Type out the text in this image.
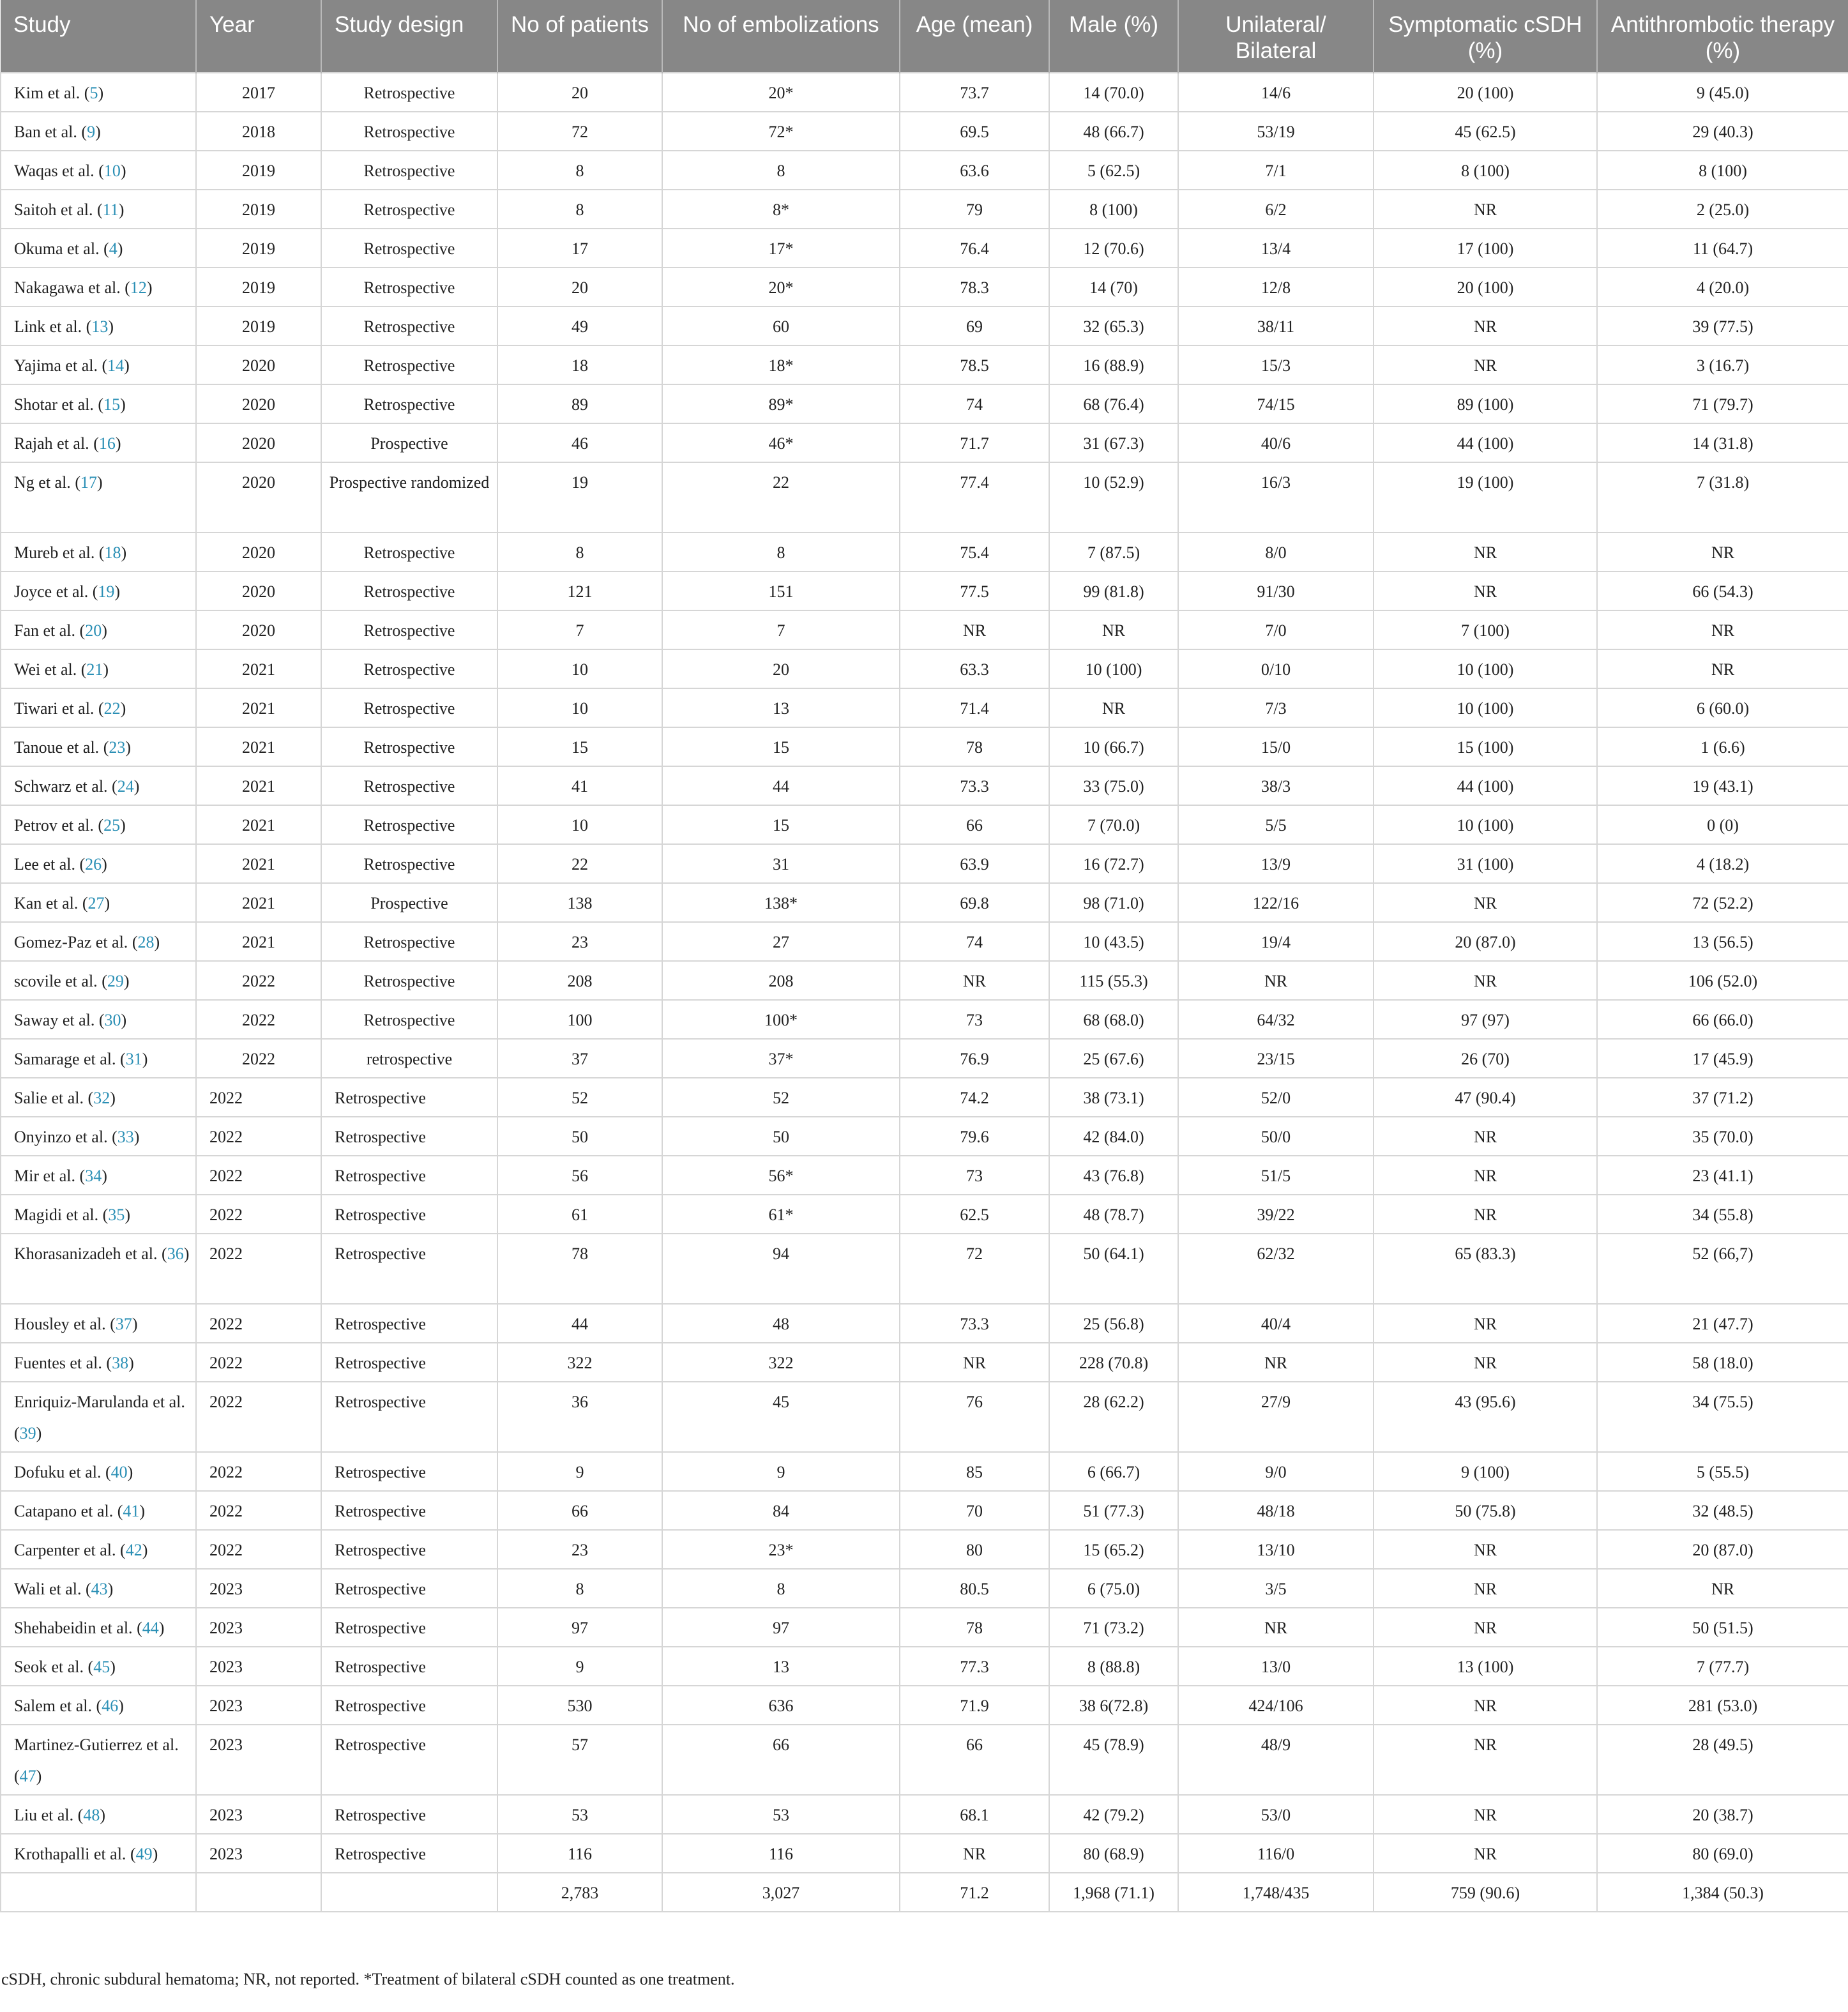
Study	Year	Study design	No of patients	No of embolizations	Age (mean)	Male (%)	Unilateral/ Bilateral	Symptomatic cSDH (%)	Antithrombotic therapy (%)
Kim et al. (5)	2017	Retrospective	20	20*	73.7	14 (70.0)	14/6	20 (100)	9 (45.0)
Ban et al. (9)	2018	Retrospective	72	72*	69.5	48 (66.7)	53/19	45 (62.5)	29 (40.3)
Waqas et al. (10)	2019	Retrospective	8	8	63.6	5 (62.5)	7/1	8 (100)	8 (100)
Saitoh et al. (11)	2019	Retrospective	8	8*	79	8 (100)	6/2	NR	2 (25.0)
Okuma et al. (4)	2019	Retrospective	17	17*	76.4	12 (70.6)	13/4	17 (100)	11 (64.7)
Nakagawa et al. (12)	2019	Retrospective	20	20*	78.3	14 (70)	12/8	20 (100)	4 (20.0)
Link et al. (13)	2019	Retrospective	49	60	69	32 (65.3)	38/11	NR	39 (77.5)
Yajima et al. (14)	2020	Retrospective	18	18*	78.5	16 (88.9)	15/3	NR	3 (16.7)
Shotar et al. (15)	2020	Retrospective	89	89*	74	68 (76.4)	74/15	89 (100)	71 (79.7)
Rajah et al. (16)	2020	Prospective	46	46*	71.7	31 (67.3)	40/6	44 (100)	14 (31.8)
Ng et al. (17)	2020	Prospective randomized	19	22	77.4	10 (52.9)	16/3	19 (100)	7 (31.8)
Mureb et al. (18)	2020	Retrospective	8	8	75.4	7 (87.5)	8/0	NR	NR
Joyce et al. (19)	2020	Retrospective	121	151	77.5	99 (81.8)	91/30	NR	66 (54.3)
Fan et al. (20)	2020	Retrospective	7	7	NR	NR	7/0	7 (100)	NR
Wei et al. (21)	2021	Retrospective	10	20	63.3	10 (100)	0/10	10 (100)	NR
Tiwari et al. (22)	2021	Retrospective	10	13	71.4	NR	7/3	10 (100)	6 (60.0)
Tanoue et al. (23)	2021	Retrospective	15	15	78	10 (66.7)	15/0	15 (100)	1 (6.6)
Schwarz et al. (24)	2021	Retrospective	41	44	73.3	33 (75.0)	38/3	44 (100)	19 (43.1)
Petrov et al. (25)	2021	Retrospective	10	15	66	7 (70.0)	5/5	10 (100)	0 (0)
Lee et al. (26)	2021	Retrospective	22	31	63.9	16 (72.7)	13/9	31 (100)	4 (18.2)
Kan et al. (27)	2021	Prospective	138	138*	69.8	98 (71.0)	122/16	NR	72 (52.2)
Gomez-Paz et al. (28)	2021	Retrospective	23	27	74	10 (43.5)	19/4	20 (87.0)	13 (56.5)
scovile et al. (29)	2022	Retrospective	208	208	NR	115 (55.3)	NR	NR	106 (52.0)
Saway et al. (30)	2022	Retrospective	100	100*	73	68 (68.0)	64/32	97 (97)	66 (66.0)
Samarage et al. (31)	2022	retrospective	37	37*	76.9	25 (67.6)	23/15	26 (70)	17 (45.9)
Salie et al. (32)	2022	Retrospective	52	52	74.2	38 (73.1)	52/0	47 (90.4)	37 (71.2)
Onyinzo et al. (33)	2022	Retrospective	50	50	79.6	42 (84.0)	50/0	NR	35 (70.0)
Mir et al. (34)	2022	Retrospective	56	56*	73	43 (76.8)	51/5	NR	23 (41.1)
Magidi et al. (35)	2022	Retrospective	61	61*	62.5	48 (78.7)	39/22	NR	34 (55.8)
Khorasanizadeh et al. (36)	2022	Retrospective	78	94	72	50 (64.1)	62/32	65 (83.3)	52 (66,7)
Housley et al. (37)	2022	Retrospective	44	48	73.3	25 (56.8)	40/4	NR	21 (47.7)
Fuentes et al. (38)	2022	Retrospective	322	322	NR	228 (70.8)	NR	NR	58 (18.0)
Enriquiz-Marulanda et al. (39)	2022	Retrospective	36	45	76	28 (62.2)	27/9	43 (95.6)	34 (75.5)
Dofuku et al. (40)	2022	Retrospective	9	9	85	6 (66.7)	9/0	9 (100)	5 (55.5)
Catapano et al. (41)	2022	Retrospective	66	84	70	51 (77.3)	48/18	50 (75.8)	32 (48.5)
Carpenter et al. (42)	2022	Retrospective	23	23*	80	15 (65.2)	13/10	NR	20 (87.0)
Wali et al. (43)	2023	Retrospective	8	8	80.5	6 (75.0)	3/5	NR	NR
Shehabeidin et al. (44)	2023	Retrospective	97	97	78	71 (73.2)	NR	NR	50 (51.5)
Seok et al. (45)	2023	Retrospective	9	13	77.3	8 (88.8)	13/0	13 (100)	7 (77.7)
Salem et al. (46)	2023	Retrospective	530	636	71.9	38 6(72.8)	424/106	NR	281 (53.0)
Martinez-Gutierrez et al. (47)	2023	Retrospective	57	66	66	45 (78.9)	48/9	NR	28 (49.5)
Liu et al. (48)	2023	Retrospective	53	53	68.1	42 (79.2)	53/0	NR	20 (38.7)
Krothapalli et al. (49)	2023	Retrospective	116	116	NR	80 (68.9)	116/0	NR	80 (69.0)
			2,783	3,027	71.2	1,968 (71.1)	1,748/435	759 (90.6)	1,384 (50.3)
cSDH, chronic subdural hematoma; NR, not reported. *Treatment of bilateral cSDH counted as one treatment.
